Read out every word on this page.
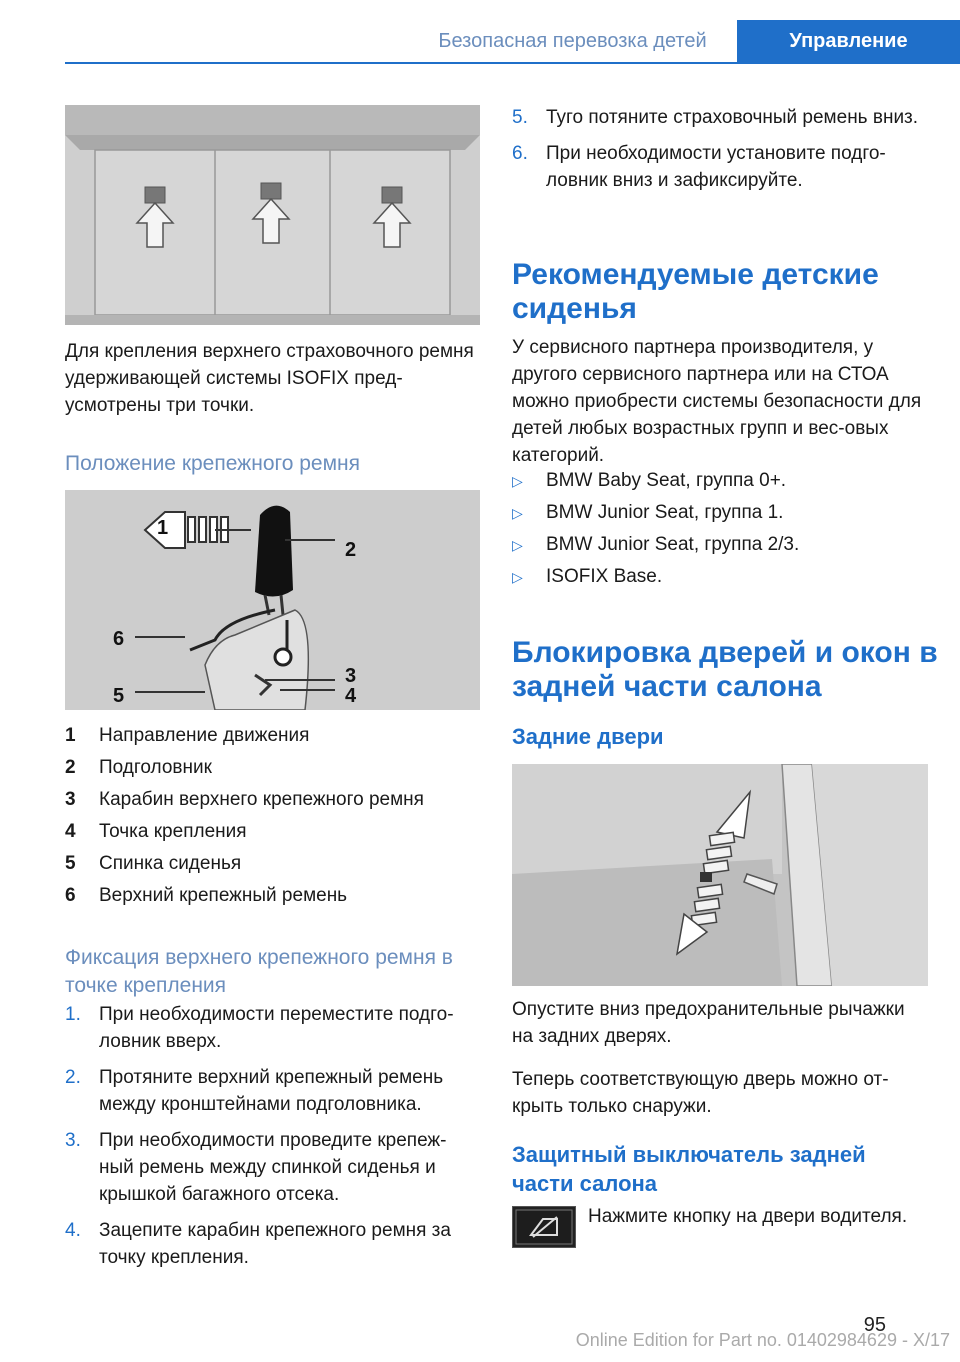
Безопасная перевозка детей	Управление

Для крепления верхнего страховочного ремня удерживающей системы ISOFIX пред‐усмотрены три точки.

Положение крепежного ремня
1
2
3
4
5
6
1	Направление движения
2	Подголовник
3	Карабин верхнего крепежного ремня
4	Точка крепления
5	Спинка сиденья
6	Верхний крепежный ремень
Фиксация верхнего крепежного ремня в точке крепления
1. При необходимости переместите подго‐ловник вверх.
2. Протяните верхний крепежный ремень между кронштейнами подголовника.
3. При необходимости проведите крепеж‐ный ремень между спинкой сиденья и крышкой багажного отсека.
4. Зацепите карабин крепежного ремня за точку крепления.
5. Туго потяните страховочный ремень вниз.
6. При необходимости установите подго‐ловник вниз и зафиксируйте.
Рекомендуемые детские сиденья

У сервисного партнера производителя, у другого сервисного партнера или на СТОА можно приобрести системы безопасности для детей любых возрастных групп и вес‐овых категорий.

▷	BMW Baby Seat, группа 0+.
▷	BMW Junior Seat, группа 1.
▷	BMW Junior Seat, группа 2/3.
▷	ISOFIX Base.
Блокировка дверей и окон в задней части салона
Задние двери

Опустите вниз предохранительные рычажки на задних дверях.

Теперь соответствующую дверь можно от‐крыть только снаружи.

Защитный выключатель задней части салона

Нажмите кнопку на двери водителя.

Online Edition for Part no. 01402984629 - X/17
95
